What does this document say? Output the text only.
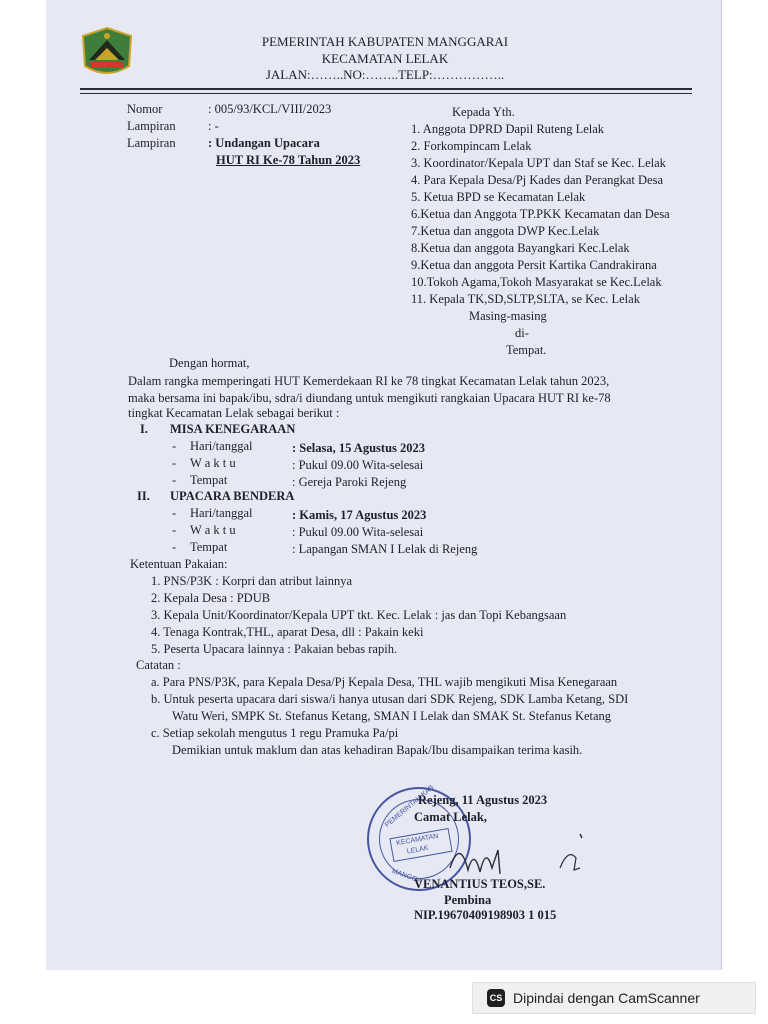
PEMERINTAH KABUPATEN MANGGARAI
KECAMATAN LELAK
JALAN:……..NO:……..TELP:……………..
Nomor	: 005/93/KCL/VIII/2023
Lampiran	: -
Lampiran	: Undangan Upacara
HUT RI Ke-78 Tahun 2023
Kepada Yth.
1. Anggota DPRD Dapil Ruteng Lelak
2. Forkompincam Lelak
3. Koordinator/Kepala UPT dan Staf se Kec. Lelak
4. Para Kepala Desa/Pj Kades dan Perangkat Desa
5. Ketua BPD se Kecamatan Lelak
6.Ketua dan Anggota TP.PKK Kecamatan dan Desa
7.Ketua dan anggota DWP Kec.Lelak
8.Ketua dan anggota Bayangkari Kec.Lelak
9.Ketua dan anggota Persit Kartika Candrakirana
10.Tokoh Agama,Tokoh Masyarakat se Kec.Lelak
11. Kepala TK,SD,SLTP,SLTA, se Kec. Lelak
Masing-masing
di-
Tempat.
Dengan hormat,
Dalam rangka memperingati HUT Kemerdekaan RI ke 78 tingkat Kecamatan Lelak tahun 2023,
maka bersama ini bapak/ibu, sdra/i diundang untuk mengikuti rangkaian Upacara HUT RI ke-78
tingkat Kecamatan Lelak sebagai berikut :
I. MISA KENEGARAAN
- Hari/tanggal	: Selasa, 15 Agustus 2023
- W a k t u	: Pukul 09.00 Wita-selesai
- Tempat	: Gereja Paroki Rejeng
II. UPACARA BENDERA
- Hari/tanggal	: Kamis, 17 Agustus 2023
- W a k t u	: Pukul 09.00 Wita-selesai
- Tempat	: Lapangan SMAN I Lelak di Rejeng
Ketentuan Pakaian:
1. PNS/P3K : Korpri dan atribut lainnya
2. Kepala Desa : PDUB
3. Kepala Unit/Koordinator/Kepala UPT tkt. Kec. Lelak : jas dan Topi Kebangsaan
4. Tenaga Kontrak,THL, aparat Desa, dll : Pakain keki
5. Peserta Upacara lainnya : Pakaian bebas rapih.
Catatan :
a. Para PNS/P3K, para Kepala Desa/Pj Kepala Desa, THL wajib mengikuti Misa Kenegaraan
b. Untuk peserta upacara dari siswa/i hanya utusan dari SDK Rejeng, SDK Lamba Ketang, SDI
Watu Weri, SMPK St. Stefanus Ketang, SMAN I Lelak dan SMAK St. Stefanus Ketang
c. Setiap sekolah mengutus 1 regu Pramuka Pa/pi
Demikian untuk maklum dan atas kehadiran Bapak/Ibu disampaikan terima kasih.
PEMERINTAH KAB
KECAMATAN
LELAK
MANGGA
Rejeng, 11 Agustus 2023
Camat Lelak,
VENANTIUS TEOS,SE.
Pembina
NIP.19670409198903 1 015
CS Dipindai dengan CamScanner
